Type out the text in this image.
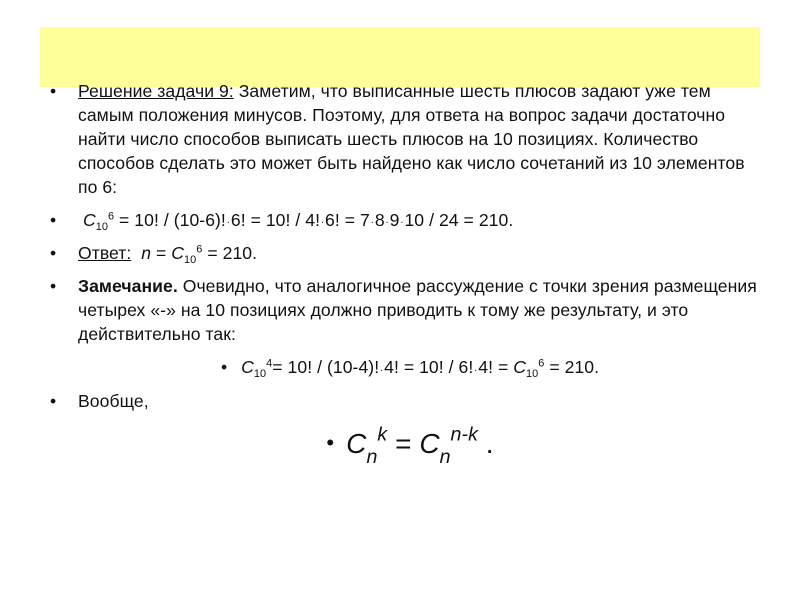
• Решение задачи 9: Заметим, что выписанные шесть плюсов задают уже тем самым положения минусов. Поэтому, для ответа на вопрос задачи достаточно найти число способов выписать шесть плюсов на 10 позициях. Количество способов сделать это может быть найдено как число сочетаний из 10 элементов по 6:
• $C_{10}^6 = 10$! / (10-6)!.6! = 10! / 4!.6! = 7.8.9.10 / 24 = 210.
• Ответ: $n = C_{10}^6 = 210$.
• Замечание. Очевидно, что аналогичное рассуждение с точки зрения размещения четырех «-» на 10 позициях должно приводить к тому же результату, и это действительно так:
• $C_{10}^4= 10$! / (10-4)!.4! = 10! / 6!.4! = $C_{10}^6 = 210$.
• Вообще,
• $C_n^k = C_n^{n-k}$ .
